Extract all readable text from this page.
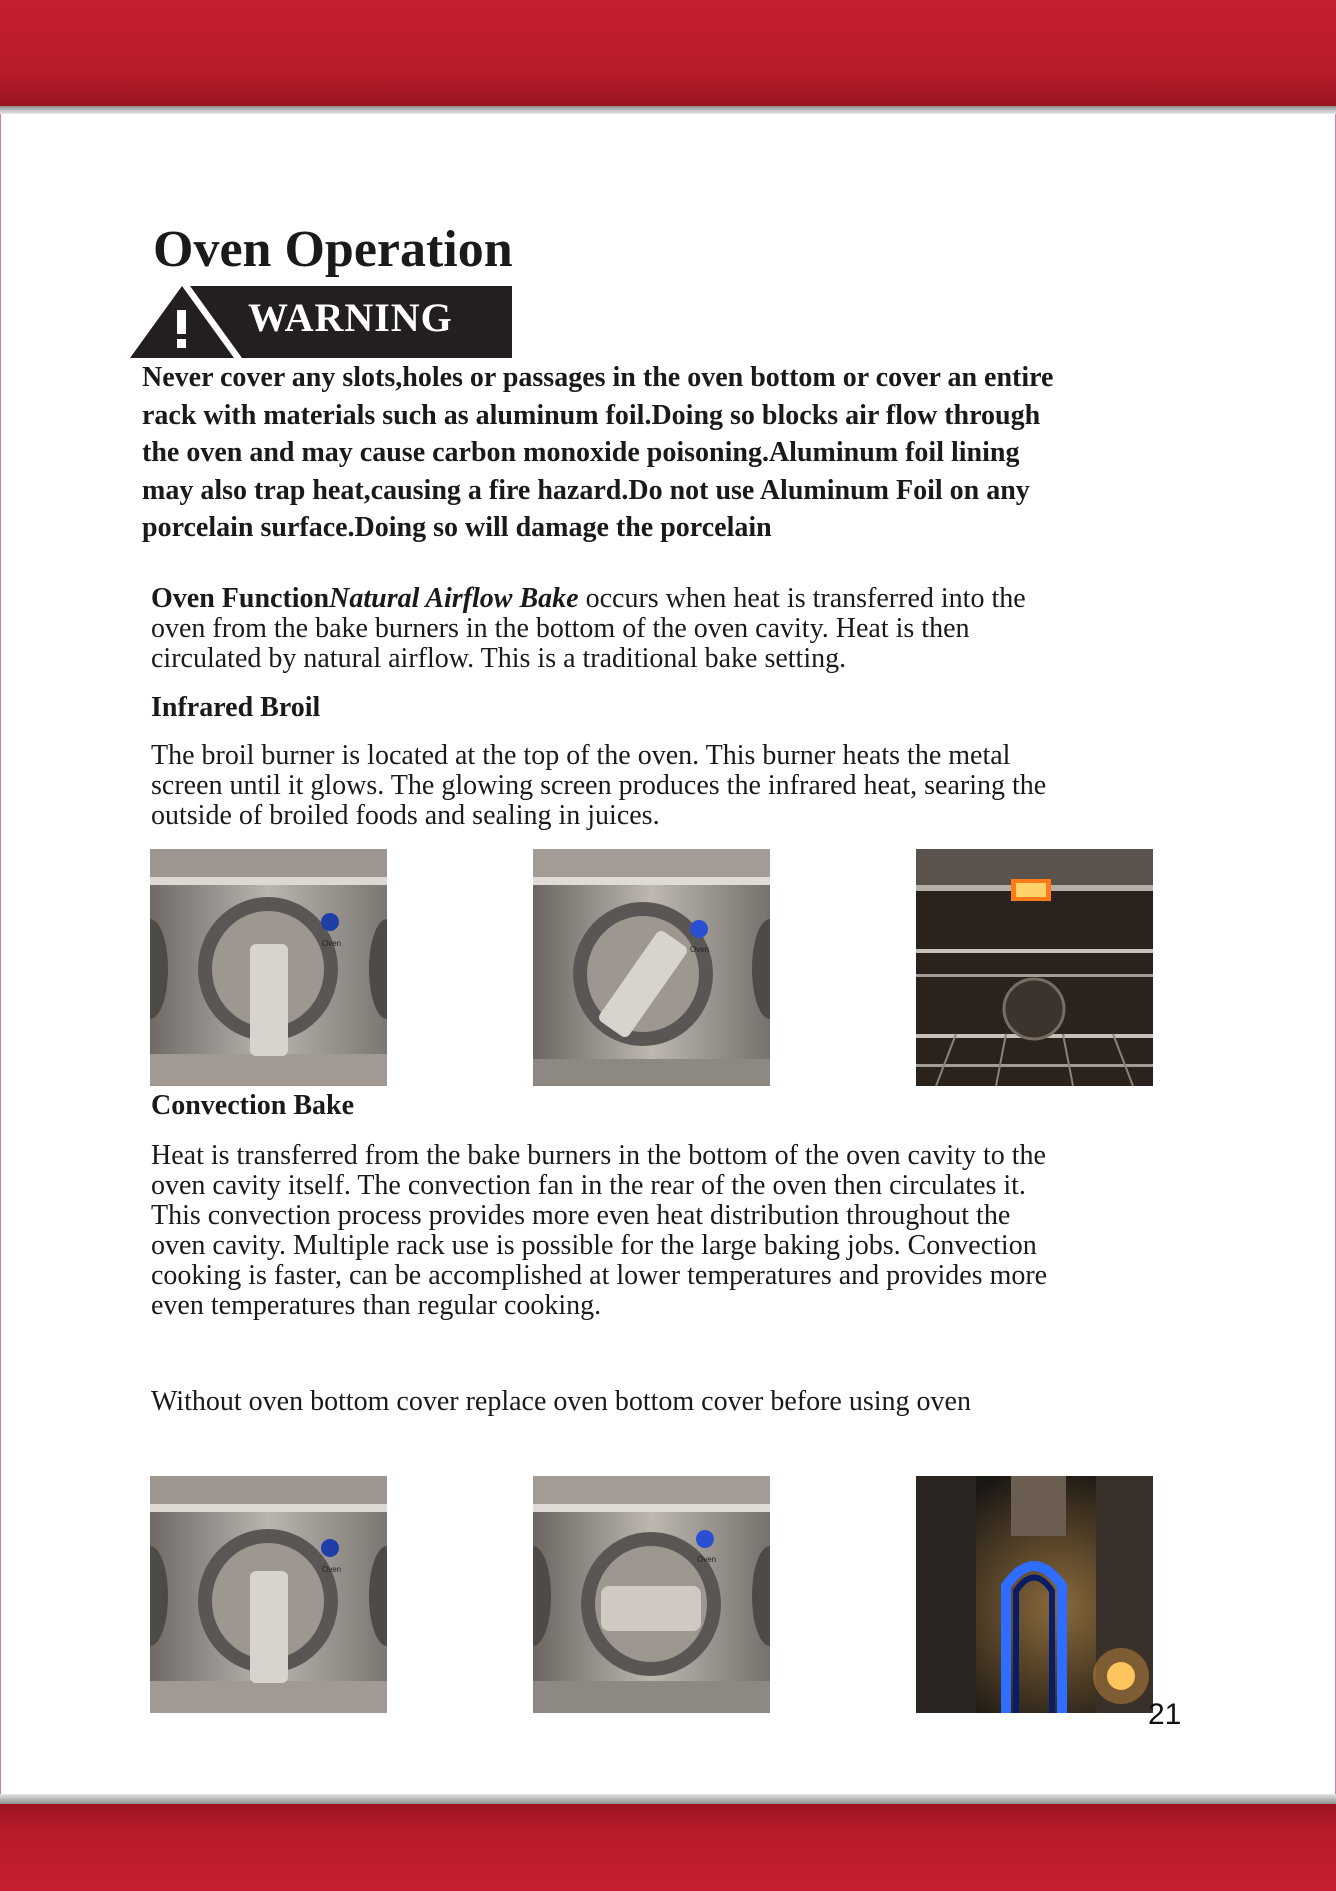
Oven Operation
WARNING

Never cover any slots,holes or passages in the oven bottom or cover an entire

rack with materials such as aluminum foil.Doing so blocks air flow through

the oven and may cause carbon monoxide poisoning.Aluminum foil lining

may also trap heat,causing a fire hazard.Do not use Aluminum Foil on any

porcelain surface.Doing so will damage the porcelain

Oven FunctionNatural Airflow Bake occurs when heat is transferred into the

oven from the bake burners in the bottom of the oven cavity. Heat is then

circulated by natural airflow. This is a traditional bake setting.

Infrared Broil

The broil burner is located at the top of the oven. This burner heats the metal

screen until it glows. The glowing screen produces the infrared heat, searing the

outside of broiled foods and sealing in juices.

Oven
Oven
Convection Bake

Heat is transferred from the bake burners in the bottom of the oven cavity to the

oven cavity itself. The convection fan in the rear of the oven then circulates it.

This convection process provides more even heat distribution throughout the

oven cavity. Multiple rack use is possible for the large baking jobs. Convection

cooking is faster, can be accomplished at lower temperatures and provides more

even temperatures than regular cooking.

Without oven bottom cover replace oven bottom cover before using oven

Oven
Oven
21
